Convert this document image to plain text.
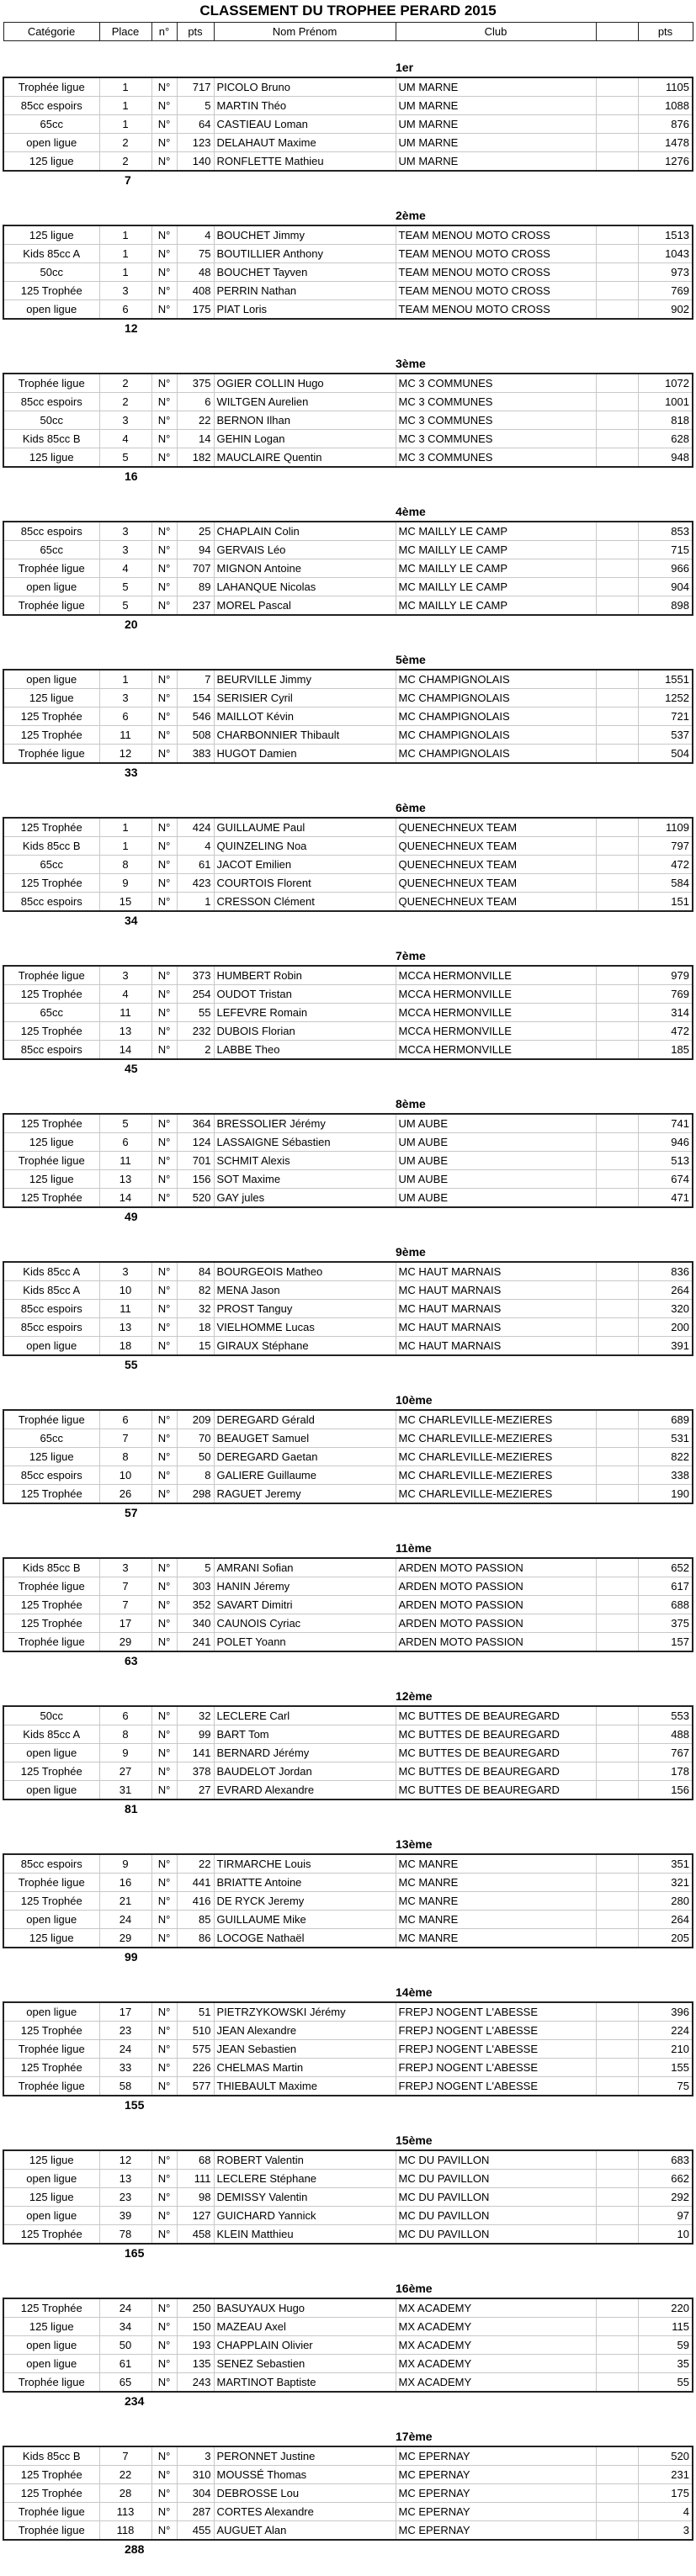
CLASSEMENT DU TROPHEE PERARD 2015
Catégorie	Place	n°	pts	Nom Prénom	Club		pts

					1er		
Trophée ligue	1	N°	717	PICOLO Bruno	UM MARNE		1105
85cc espoirs	1	N°	5	MARTIN Théo	UM MARNE		1088
65cc	1	N°	64	CASTIEAU Loman	UM MARNE		876
open ligue	2	N°	123	DELAHAUT Maxime	UM MARNE		1478
125 ligue	2	N°	140	RONFLETTE Mathieu	UM MARNE		1276
	7						

					2ème		
125 ligue	1	N°	4	BOUCHET Jimmy	TEAM MENOU MOTO CROSS		1513
Kids 85cc A	1	N°	75	BOUTILLIER Anthony	TEAM MENOU MOTO CROSS		1043
50cc	1	N°	48	BOUCHET Tayven	TEAM MENOU MOTO CROSS		973
125 Trophée	3	N°	408	PERRIN Nathan	TEAM MENOU MOTO CROSS		769
open ligue	6	N°	175	PIAT Loris	TEAM MENOU MOTO CROSS		902
	12						

					3ème		
Trophée ligue	2	N°	375	OGIER COLLIN Hugo	MC 3 COMMUNES		1072
85cc espoirs	2	N°	6	WILTGEN Aurelien	MC 3 COMMUNES		1001
50cc	3	N°	22	BERNON Ilhan	MC 3 COMMUNES		818
Kids 85cc B	4	N°	14	GEHIN Logan	MC 3 COMMUNES		628
125 ligue	5	N°	182	MAUCLAIRE Quentin	MC 3 COMMUNES		948
	16						

					4ème		
85cc espoirs	3	N°	25	CHAPLAIN Colin	MC MAILLY LE CAMP		853
65cc	3	N°	94	GERVAIS Léo	MC MAILLY LE CAMP		715
Trophée ligue	4	N°	707	MIGNON Antoine	MC MAILLY LE CAMP		966
open ligue	5	N°	89	LAHANQUE Nicolas	MC MAILLY LE CAMP		904
Trophée ligue	5	N°	237	MOREL Pascal	MC MAILLY LE CAMP		898
	20						

					5ème		
open ligue	1	N°	7	BEURVILLE Jimmy	MC CHAMPIGNOLAIS		1551
125 ligue	3	N°	154	SERISIER Cyril	MC CHAMPIGNOLAIS		1252
125 Trophée	6	N°	546	MAILLOT Kévin	MC CHAMPIGNOLAIS		721
125 Trophée	11	N°	508	CHARBONNIER Thibault	MC CHAMPIGNOLAIS		537
Trophée ligue	12	N°	383	HUGOT Damien	MC CHAMPIGNOLAIS		504
	33						

					6ème		
125 Trophée	1	N°	424	GUILLAUME Paul	QUENECHNEUX TEAM		1109
Kids 85cc B	1	N°	4	QUINZELING Noa	QUENECHNEUX TEAM		797
65cc	8	N°	61	JACOT Emilien	QUENECHNEUX TEAM		472
125 Trophée	9	N°	423	COURTOIS Florent	QUENECHNEUX TEAM		584
85cc espoirs	15	N°	1	CRESSON Clément	QUENECHNEUX TEAM		151
	34						

					7ème		
Trophée ligue	3	N°	373	HUMBERT Robin	MCCA HERMONVILLE		979
125 Trophée	4	N°	254	OUDOT Tristan	MCCA HERMONVILLE		769
65cc	11	N°	55	LEFEVRE Romain	MCCA HERMONVILLE		314
125 Trophée	13	N°	232	DUBOIS Florian	MCCA HERMONVILLE		472
85cc espoirs	14	N°	2	LABBE Theo	MCCA HERMONVILLE		185
	45						

					8ème		
125 Trophée	5	N°	364	BRESSOLIER Jérémy	UM AUBE		741
125 ligue	6	N°	124	LASSAIGNE Sébastien	UM AUBE		946
Trophée ligue	11	N°	701	SCHMIT Alexis	UM AUBE		513
125 ligue	13	N°	156	SOT Maxime	UM AUBE		674
125 Trophée	14	N°	520	GAY jules	UM AUBE		471
	49						

					9ème		
Kids 85cc A	3	N°	84	BOURGEOIS Matheo	MC HAUT MARNAIS		836
Kids 85cc A	10	N°	82	MENA Jason	MC HAUT MARNAIS		264
85cc espoirs	11	N°	32	PROST Tanguy	MC HAUT MARNAIS		320
85cc espoirs	13	N°	18	VIELHOMME Lucas	MC HAUT MARNAIS		200
open ligue	18	N°	15	GIRAUX Stéphane	MC HAUT MARNAIS		391
	55						

					10ème		
Trophée ligue	6	N°	209	DEREGARD Gérald	MC CHARLEVILLE-MEZIERES		689
65cc	7	N°	70	BEAUGET Samuel	MC CHARLEVILLE-MEZIERES		531
125 ligue	8	N°	50	DEREGARD Gaetan	MC CHARLEVILLE-MEZIERES		822
85cc espoirs	10	N°	8	GALIERE Guillaume	MC CHARLEVILLE-MEZIERES		338
125 Trophée	26	N°	298	RAGUET Jeremy	MC CHARLEVILLE-MEZIERES		190
	57						

					11ème		
Kids 85cc B	3	N°	5	AMRANI Sofian	ARDEN MOTO PASSION		652
Trophée ligue	7	N°	303	HANIN Jéremy	ARDEN MOTO PASSION		617
125 Trophée	7	N°	352	SAVART Dimitri	ARDEN MOTO PASSION		688
125 Trophée	17	N°	340	CAUNOIS Cyriac	ARDEN MOTO PASSION		375
Trophée ligue	29	N°	241	POLET Yoann	ARDEN MOTO PASSION		157
	63						

					12ème		
50cc	6	N°	32	LECLERE Carl	MC BUTTES DE BEAUREGARD		553
Kids 85cc A	8	N°	99	BART Tom	MC BUTTES DE BEAUREGARD		488
open ligue	9	N°	141	BERNARD Jérémy	MC BUTTES DE BEAUREGARD		767
125 Trophée	27	N°	378	BAUDELOT Jordan	MC BUTTES DE BEAUREGARD		178
open ligue	31	N°	27	EVRARD Alexandre	MC BUTTES DE BEAUREGARD		156
	81						

					13ème		
85cc espoirs	9	N°	22	TIRMARCHE Louis	MC MANRE		351
Trophée ligue	16	N°	441	BRIATTE Antoine	MC MANRE		321
125 Trophée	21	N°	416	DE RYCK Jeremy	MC MANRE		280
open ligue	24	N°	85	GUILLAUME Mike	MC MANRE		264
125 ligue	29	N°	86	LOCOGE Nathaël	MC MANRE		205
	99						

					14ème		
open ligue	17	N°	51	PIETRZYKOWSKI Jérémy	FREPJ NOGENT L'ABESSE		396
125 Trophée	23	N°	510	JEAN Alexandre	FREPJ NOGENT L'ABESSE		224
Trophée ligue	24	N°	575	JEAN Sebastien	FREPJ NOGENT L'ABESSE		210
125 Trophée	33	N°	226	CHELMAS Martin	FREPJ NOGENT L'ABESSE		155
Trophée ligue	58	N°	577	THIEBAULT Maxime	FREPJ NOGENT L'ABESSE		75
	155						

					15ème		
125 ligue	12	N°	68	ROBERT Valentin	MC DU PAVILLON		683
open ligue	13	N°	111	LECLERE Stéphane	MC DU PAVILLON		662
125 ligue	23	N°	98	DEMISSY Valentin	MC DU PAVILLON		292
open ligue	39	N°	127	GUICHARD Yannick	MC DU PAVILLON		97
125 Trophée	78	N°	458	KLEIN Matthieu	MC DU PAVILLON		10
	165						

					16ème		
125 Trophée	24	N°	250	BASUYAUX Hugo	MX ACADEMY		220
125 ligue	34	N°	150	MAZEAU Axel	MX ACADEMY		115
open ligue	50	N°	193	CHAPPLAIN Olivier	MX ACADEMY		59
open ligue	61	N°	135	SENEZ Sebastien	MX ACADEMY		35
Trophée ligue	65	N°	243	MARTINOT Baptiste	MX ACADEMY		55
	234						

					17ème		
Kids 85cc B	7	N°	3	PERONNET Justine	MC EPERNAY		520
125 Trophée	22	N°	310	MOUSSÉ Thomas	MC EPERNAY		231
125 Trophée	28	N°	304	DEBROSSE Lou	MC EPERNAY		175
Trophée ligue	113	N°	287	CORTES Alexandre	MC EPERNAY		4
Trophée ligue	118	N°	455	AUGUET Alan	MC EPERNAY		3
	288						
